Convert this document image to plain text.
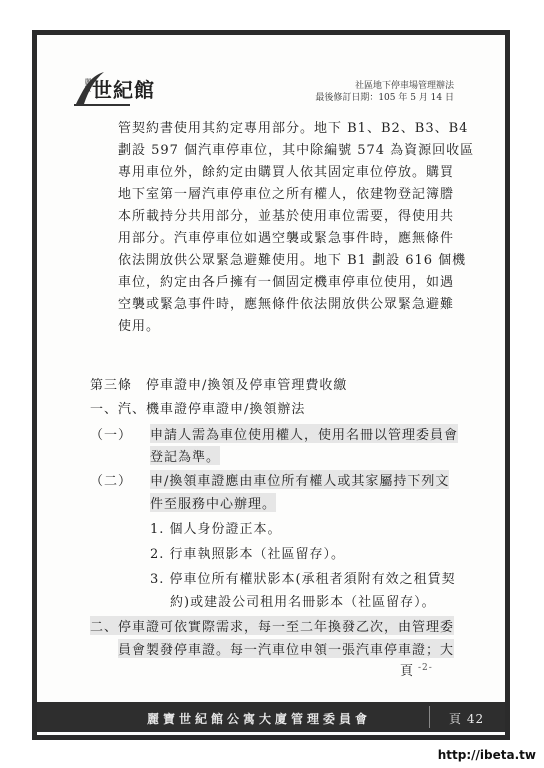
麗寶 世紀館	社區地下停車場管理辦法
最後修訂日期：105 年 5 月 14 日
管契約書使用其約定專用部分。地下 B1、B2、B3、B4
劃設 597 個汽車停車位，其中除編號 574 為資源回收區
專用車位外，餘約定由購買人依其固定車位停放。購買
地下室第一層汽車停車位之所有權人，依建物登記簿謄
本所載持分共用部分，並基於使用車位需要，得使用共
用部分。汽車停車位如遇空襲或緊急事件時，應無條件
依法開放供公眾緊急避難使用。地下 B1 劃設 616 個機
車位，約定由各戶擁有一個固定機車停車位使用，如遇
空襲或緊急事件時，應無條件依法開放供公眾緊急避難
使用。
第三條　停車證申/換領及停車管理費收繳
一、汽、機車證停車證申/換領辦法
（一） 申請人需為車位使用權人，使用名冊以管理委員會
登記為準。
（二） 申/換領車證應由車位所有權人或其家屬持下列文
件至服務中心辦理。
1. 個人身份證正本。
2. 行車執照影本（社區留存）。
3. 停車位所有權狀影本(承租者須附有效之租賃契
約)或建設公司租用名冊影本（社區留存）。
二、停車證可依實際需求，每一至二年換發乙次，由管理委
員會製發停車證。每一汽車位申領一張汽車停車證；大
頁 -2-
麗寶世紀館公寓大廈管理委員會	頁 42
http://ibeta.tw
